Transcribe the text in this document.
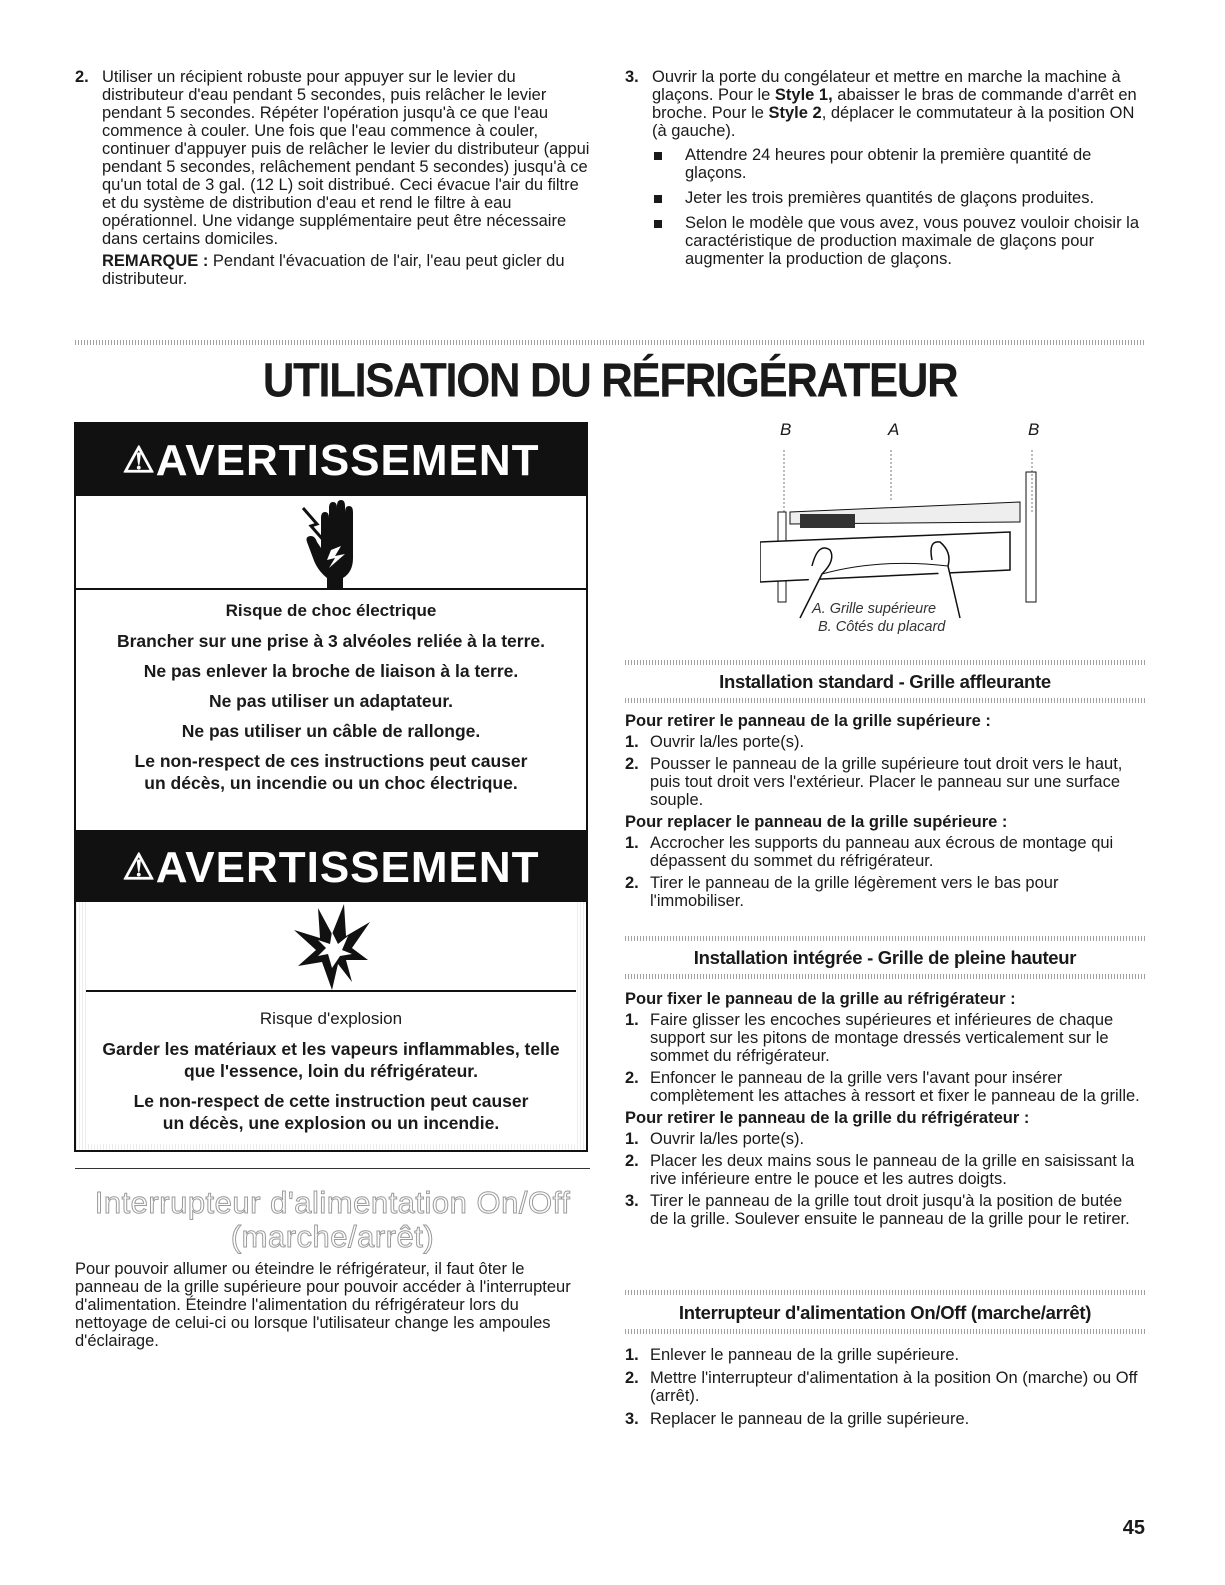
2. Utiliser un récipient robuste pour appuyer sur le levier du distributeur d'eau pendant 5 secondes, puis relâcher le levier pendant 5 secondes. Répéter l'opération jusqu'à ce que l'eau commence à couler. Une fois que l'eau commence à couler, continuer d'appuyer puis de relâcher le levier du distributeur (appui pendant 5 secondes, relâchement pendant 5 secondes) jusqu'à ce qu'un total de 3 gal. (12 L) soit distribué. Ceci évacue l'air du filtre et du système de distribution d'eau et rend le filtre à eau opérationnel. Une vidange supplémentaire peut être nécessaire dans certains domiciles.
REMARQUE : Pendant l'évacuation de l'air, l'eau peut gicler du distributeur.
3. Ouvrir la porte du congélateur et mettre en marche la machine à glaçons. Pour le Style 1, abaisser le bras de commande d'arrêt en broche. Pour le Style 2, déplacer le commutateur à la position ON (à gauche).
Attendre 24 heures pour obtenir la première quantité de glaçons.
Jeter les trois premières quantités de glaçons produites.
Selon le modèle que vous avez, vous pouvez vouloir choisir la caractéristique de production maximale de glaçons pour augmenter la production de glaçons.
UTILISATION DU RÉFRIGÉRATEUR
⚠AVERTISSEMENT
Risque de choc électrique
Brancher sur une prise à 3 alvéoles reliée à la terre.
Ne pas enlever la broche de liaison à la terre.
Ne pas utiliser un adaptateur.
Ne pas utiliser un câble de rallonge.
Le non-respect de ces instructions peut causer
un décès, un incendie ou un choc électrique.
⚠AVERTISSEMENT
Risque d'explosion
Garder les matériaux et les vapeurs inflammables, telle
que l'essence, loin du réfrigérateur.
Le non-respect de cette instruction peut causer
un décès, une explosion ou un incendie.
Interrupteur d'alimentation On/Off
(marche/arrêt)
Pour pouvoir allumer ou éteindre le réfrigérateur, il faut ôter le panneau de la grille supérieure pour pouvoir accéder à l'interrupteur d'alimentation. Éteindre l'alimentation du réfrigérateur lors du nettoyage de celui-ci ou lorsque l'utilisateur change les ampoules d'éclairage.
B	A	B
A. Grille supérieure
B. Côtés du placard
Installation standard - Grille affleurante
Pour retirer le panneau de la grille supérieure :
1. Ouvrir la/les porte(s).
2. Pousser le panneau de la grille supérieure tout droit vers le haut, puis tout droit vers l'extérieur. Placer le panneau sur une surface souple.
Pour replacer le panneau de la grille supérieure :
1. Accrocher les supports du panneau aux écrous de montage qui dépassent du sommet du réfrigérateur.
2. Tirer le panneau de la grille légèrement vers le bas pour l'immobiliser.
Installation intégrée - Grille de pleine hauteur
Pour fixer le panneau de la grille au réfrigérateur :
1. Faire glisser les encoches supérieures et inférieures de chaque support sur les pitons de montage dressés verticalement sur le sommet du réfrigérateur.
2. Enfoncer le panneau de la grille vers l'avant pour insérer complètement les attaches à ressort et fixer le panneau de la grille.
Pour retirer le panneau de la grille du réfrigérateur :
1. Ouvrir la/les porte(s).
2. Placer les deux mains sous le panneau de la grille en saisissant la rive inférieure entre le pouce et les autres doigts.
3. Tirer le panneau de la grille tout droit jusqu'à la position de butée de la grille. Soulever ensuite le panneau de la grille pour le retirer.
Interrupteur d'alimentation On/Off (marche/arrêt)
1. Enlever le panneau de la grille supérieure.
2. Mettre l'interrupteur d'alimentation à la position On (marche) ou Off (arrêt).
3. Replacer le panneau de la grille supérieure.
45
